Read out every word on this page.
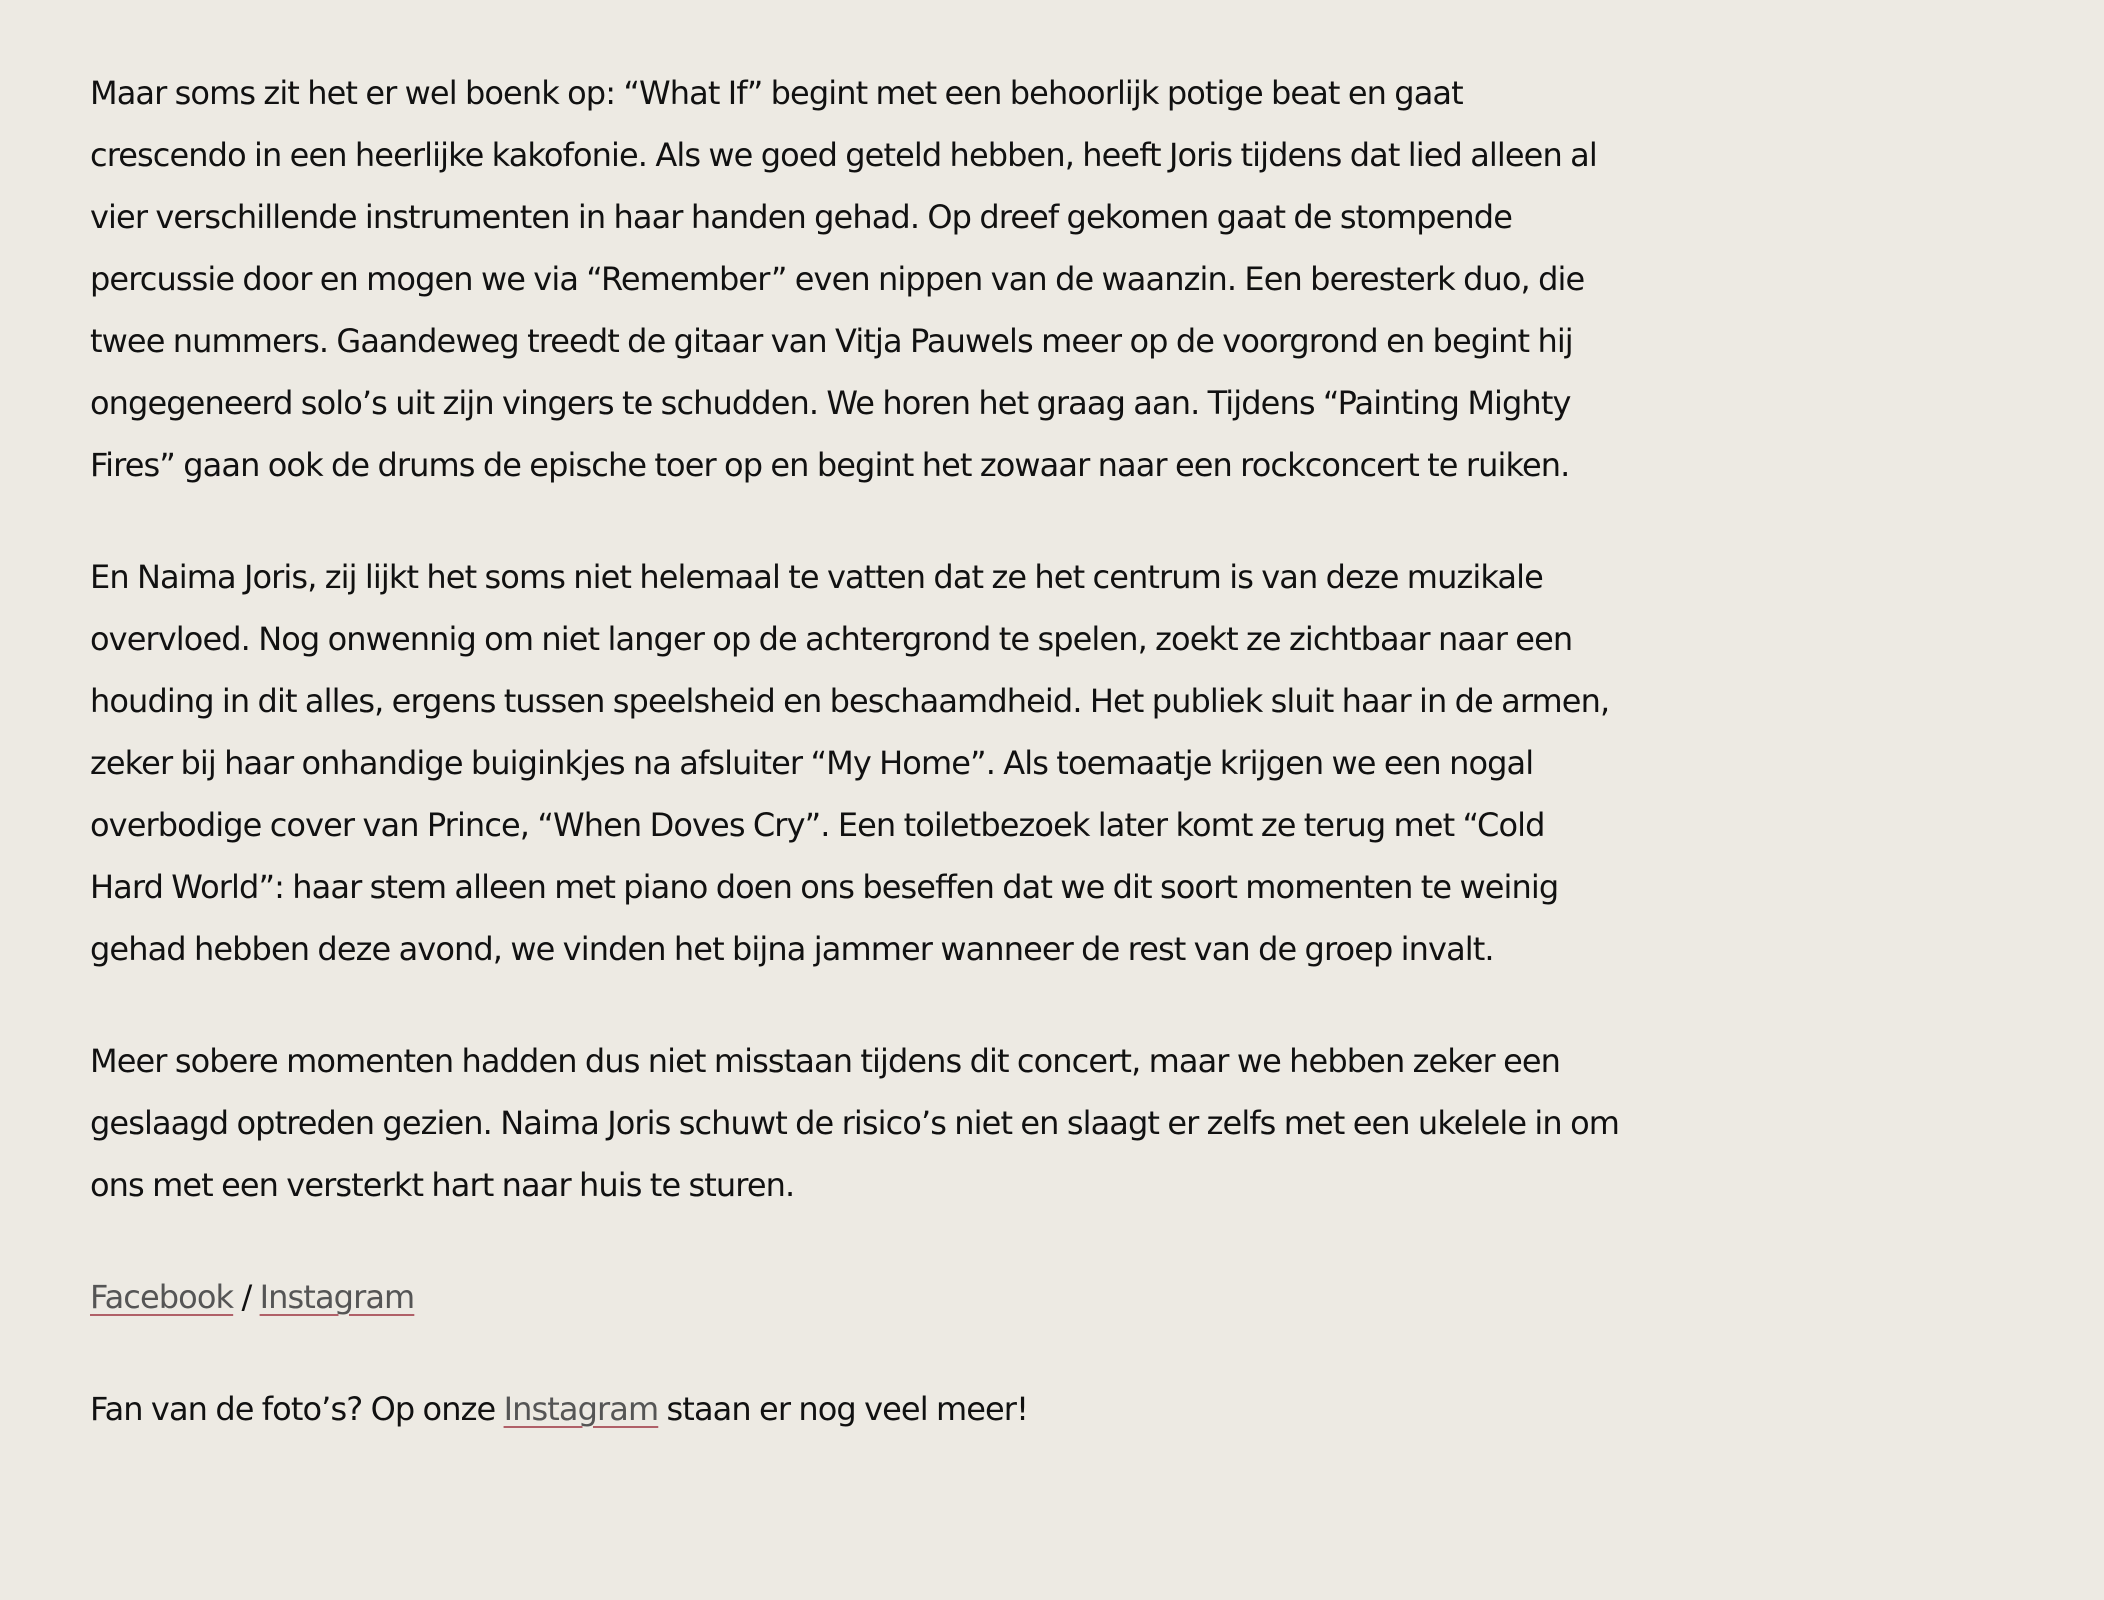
Maar soms zit het er wel boenk op: “What If” begint met een behoorlijk potige beat en gaat crescendo in een heerlijke kakofonie. Als we goed geteld hebben, heeft Joris tijdens dat lied alleen al vier verschillende instrumenten in haar handen gehad. Op dreef gekomen gaat de stompende percussie door en mogen we via “Remember” even nippen van de waanzin. Een beresterk duo, die twee nummers. Gaandeweg treedt de gitaar van Vitja Pauwels meer op de voorgrond en begint hij ongegeneerd solo’s uit zijn vingers te schudden. We horen het graag aan. Tijdens “Painting Mighty Fires” gaan ook de drums de epische toer op en begint het zowaar naar een rockconcert te ruiken.

En Naima Joris, zij lijkt het soms niet helemaal te vatten dat ze het centrum is van deze muzikale overvloed. Nog onwennig om niet langer op de achtergrond te spelen, zoekt ze zichtbaar naar een houding in dit alles, ergens tussen speelsheid en beschaamdheid. Het publiek sluit haar in de armen, zeker bij haar onhandige buiginkjes na afsluiter “My Home”. Als toemaatje krijgen we een nogal overbodige cover van Prince, “When Doves Cry”. Een toiletbezoek later komt ze terug met “Cold Hard World”: haar stem alleen met piano doen ons beseffen dat we dit soort momenten te weinig gehad hebben deze avond, we vinden het bijna jammer wanneer de rest van de groep invalt.

Meer sobere momenten hadden dus niet misstaan tijdens dit concert, maar we hebben zeker een geslaagd optreden gezien. Naima Joris schuwt de risico’s niet en slaagt er zelfs met een ukelele in om ons met een versterkt hart naar huis te sturen.

Facebook / Instagram

Fan van de foto’s? Op onze Instagram staan er nog veel meer!
